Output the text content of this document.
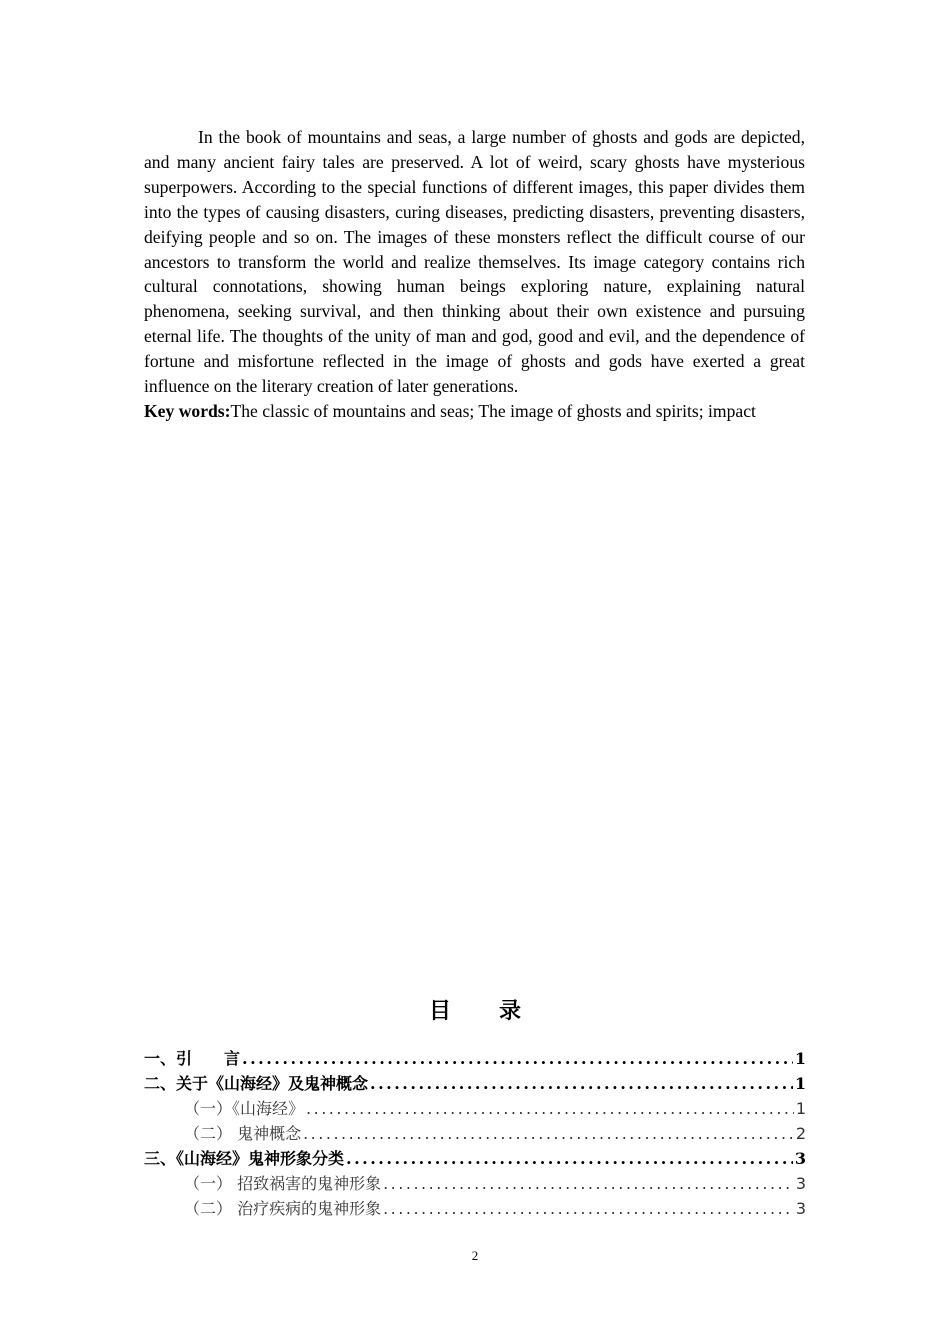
In the book of mountains and seas, a large number of ghosts and gods are depicted, and many ancient fairy tales are preserved. A lot of weird, scary ghosts have mysterious superpowers. According to the special functions of different images, this paper divides them into the types of causing disasters, curing diseases, predicting disasters, preventing disasters, deifying people and so on. The images of these monsters reflect the difficult course of our ancestors to transform the world and realize themselves. Its image category contains rich cultural connotations, showing human beings exploring nature, explaining natural phenomena, seeking survival, and then thinking about their own existence and pursuing eternal life. The thoughts of the unity of man and god, good and evil, and the dependence of fortune and misfortune reflected in the image of ghosts and gods have exerted a great influence on the literary creation of later generations.

Key words:The classic of mountains and seas; The image of ghosts and spirits; impact
目录
一、引　　言 .....	1
二、关于《山海经》及鬼神概念 .....	1
（一）《山海经》 .....	1
（二） 鬼神概念 .....	2
三、《山海经》鬼神形象分类 .....	3
（一） 招致祸害的鬼神形象 .....	3
（二） 治疗疾病的鬼神形象 .....	3
2
